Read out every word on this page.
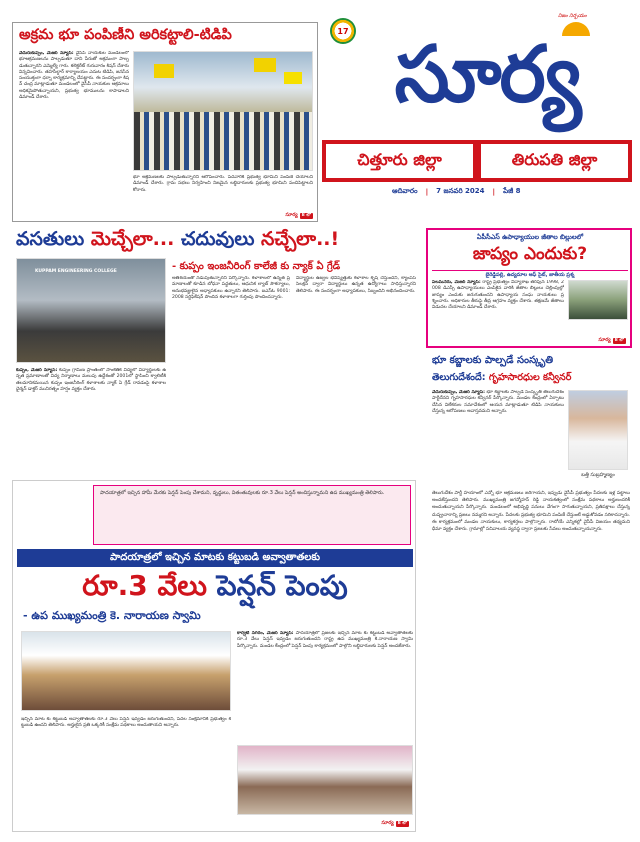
17
నిజం నిర్భయం
సూర్య
చిత్తూరు జిల్లా	తిరుపతి జిల్లా
ఆదివారం | 7 జనవరి 2024 | పేజీ 8
అక్రమ భూ పంపిణీని అరికట్టాలి-టిడిపి
వెదురుకుప్పం, మేజర్ న్యూస్: వైసీపీ నాయకుల మండలంలో భూఆక్రమణలను పాల్పడుతూ దాని పేరుతో అక్రమంగా పాల్పడుతున్నారని ఎమ్మెల్యే గారు. కలెక్టరేట్ గురువారం కిషన్ చేశారు విన్నవించారు. తహసీల్దార్ కార్యాలయం ఎదుట టిడిపి, జనసేన సంయుక్తంగా ధర్నా కార్యక్రమాన్ని చేపట్టారు. ఈ సందర్భంగా కిషన్ చంద్ర మాట్లాడుతూ మండలంలో వైసీపీ నాయకుల ఆక్రమాలు అధికమైపోతున్నాయని, ప్రభుత్వ భూములను కాపాడాలని డిమాండ్ చేశారు.
భూ ఆక్రమణలకు పాల్పడుతున్నారని ఆరోపించారు. పేదవారికి ప్రభుత్వ భూమిని పంపిణీ చేయాలని డిమాండ్ చేశారు. గ్రామ సభలు నిర్వహించి నిజమైన లబ్ధిదారులకు ప్రభుత్వ భూమిని పంచిపెట్టాలని కోరారు.
సూర్య 8 లో
వసతులు మెచ్చేలా... చదువులు నచ్చేలా..!
- కుప్పం ఇంజనీరింగ్ కాలేజీ కు న్యాక్ ఏ గ్రేడ్
KUPPAM ENGINEERING COLLEGE
కుప్పం, మేజర్ న్యూస్: కుప్పం గ్రామీణ ప్రాంతంలో సాంకేతిక విద్యలో విద్యార్థులకు ఉన్నత ప్రమాణాలతో విద్య నిర్మాణాలు మలుపు ఉద్దేశంతో 2001లో స్థాపించి క్వాలిటీకి తలమానికమయిన కుప్పం ఇంజనీరింగ్ కళాశాలకు న్యాక్ ఏ గ్రేడ్ రావడంపై కళాశాల ఛైర్మన్ డాక్టర్ మునిరత్నం హర్షం వ్యక్తం చేశారు.
అతిశయంతో నడుపుతున్నారని పేర్కొన్నారు. కళాశాలలో ఉన్నత ప్రమాణాలతో కూడిన బోధనా పద్ధతులు, ఆధునిక ల్యాబ్ సౌకర్యాలు, అనుభవజ్ఞులైన అధ్యాపకులు ఉన్నారని తెలిపారు. ఐఎస్ఓ 9001:2008 సర్టిఫికేషన్ పొందిన కళాశాలగా గుర్తింపు పొందిందన్నారు.
విద్యార్థుల ఉజ్వల భవిష్యత్తుకు కళాశాల కృషి చేస్తుందని, క్యాంపస్ సెలక్షన్ ద్వారా విద్యార్థులు ఉన్నత ఉద్యోగాలు సాధిస్తున్నారని తెలిపారు. ఈ సందర్భంగా అధ్యాపకులు, సిబ్బందిని అభినందించారు.
ఏపీసీఎస్ ఉపాధ్యాయుల జీతాల బిల్లులలో
జాప్యం ఎందుకు?
బైరెడ్డిపల్లి, ఉద్యమాల ఆఫ్ సైట్, జాతీయ ప్రశ్న
పలమనేరు, మేజర్ న్యూస్: రాష్ట్ర ప్రభుత్వం విద్యాశాఖ తరఫున 1998, 2008 డిఎస్సీ ఉపాధ్యాయులు ఎంపికైన వారికి జీతాల బిల్లులు చెల్లింపుల్లో జాప్యం ఎందుకు జరుగుతుందని ఉపాధ్యాయ సంఘ నాయకులు ప్రశ్నించారు. అధికారుల తీరుపై తీవ్ర ఆగ్రహం వ్యక్తం చేశారు. తక్షణమే జీతాలు విడుదల చేయాలని డిమాండ్ చేశారు.
సూర్య 8 లో
పాదయాత్రలో ఇచ్చిన హామీ మేరకు పెన్షన్ పెంపు చేశామని, వృద్ధులు, వితంతువులకు రూ.3 వేలు పెన్షన్ అందిస్తున్నామని ఉప ముఖ్యమంత్రి తెలిపారు.
పాదయాత్రలో ఇచ్చిన మాటకు కట్టుబడి అవ్వాతాతలకు
రూ.3 వేలు పెన్షన్ పెంపు
- ఉప ముఖ్యమంత్రి కె. నారాయణ స్వామి
కార్వేటి నగరం, మేజర్ న్యూస్: పాదయాత్రలో ప్రజలకు ఇచ్చిన మాట కు కట్టుబడి అవ్వాతాతలకు రూ.3 వేలు పెన్షన్ ఇవ్వడం జరుగుతుందని రాష్ట్ర ఉప ముఖ్యమంత్రి కె.నారాయణ స్వామి పేర్కొన్నారు. మండల కేంద్రంలో పెన్షన్ పెంపు కార్యక్రమంలో పాల్గొని లబ్ధిదారులకు పెన్షన్ అందజేశారు.
ఇచ్చిన మాట కు కట్టుబడి అవ్వాతాతలకు రూ.3 వేలు పెన్షన్ ఇవ్వడం జరుగుతుందని, పేదల సంక్షేమానికి ప్రభుత్వం కట్టుబడి ఉందని తెలిపారు. అర్హులైన ప్రతి ఒక్కరికీ సంక్షేమ పథకాలు అందుతాయని అన్నారు.
సూర్య 8 లో
భూ కబ్జాలకు పాల్పడే సంస్కృతి
తెలుగుదేశందే: గృహసారధుల కన్వీనర్
వెదురుకుప్పం, మేజర్ న్యూస్: భూ కబ్జాలకు పాల్పడే సంస్కృతి తెలుగుదేశం పార్టీదేనని గృహసారధుల కన్వీనర్ పేర్కొన్నారు. మండల కేంద్రంలో ఏర్పాటు చేసిన విలేకరుల సమావేశంలో ఆయన మాట్లాడుతూ టిడిపి నాయకులు చేస్తున్న ఆరోపణలు అవాస్తవమని అన్నారు.
బత్తి సుబ్రహ్మణ్యం
తెలుగుదేశం పార్టీ హయాంలో ఎన్నో భూ ఆక్రమణలు జరిగాయని, ఇప్పుడు వైసీపీ ప్రభుత్వం పేదలకు ఇళ్ల పట్టాలు అందజేస్తుందని తెలిపారు. ముఖ్యమంత్రి జగన్మోహన్ రెడ్డి నాయకత్వంలో సంక్షేమ పథకాలు అర్హులందరికీ అందుతున్నాయని పేర్కొన్నారు. మండలంలో అభివృద్ధి పనులు వేగంగా సాగుతున్నాయని, ప్రతిపక్షాలు చేస్తున్న దుష్ప్రచారాన్ని ప్రజలు నమ్మరని అన్నారు. పేదలకు ప్రభుత్వ భూమిని పంపిణీ చేస్తుంటే అడ్డుకోవడం సరికాదన్నారు. ఈ కార్యక్రమంలో మండల నాయకులు, కార్యకర్తలు పాల్గొన్నారు. రాబోయే ఎన్నికల్లో వైసీపీ విజయం తథ్యమని ధీమా వ్యక్తం చేశారు. గ్రామాల్లో సచివాలయ వ్యవస్థ ద్వారా ప్రజలకు సేవలు అందుతున్నాయన్నారు.
